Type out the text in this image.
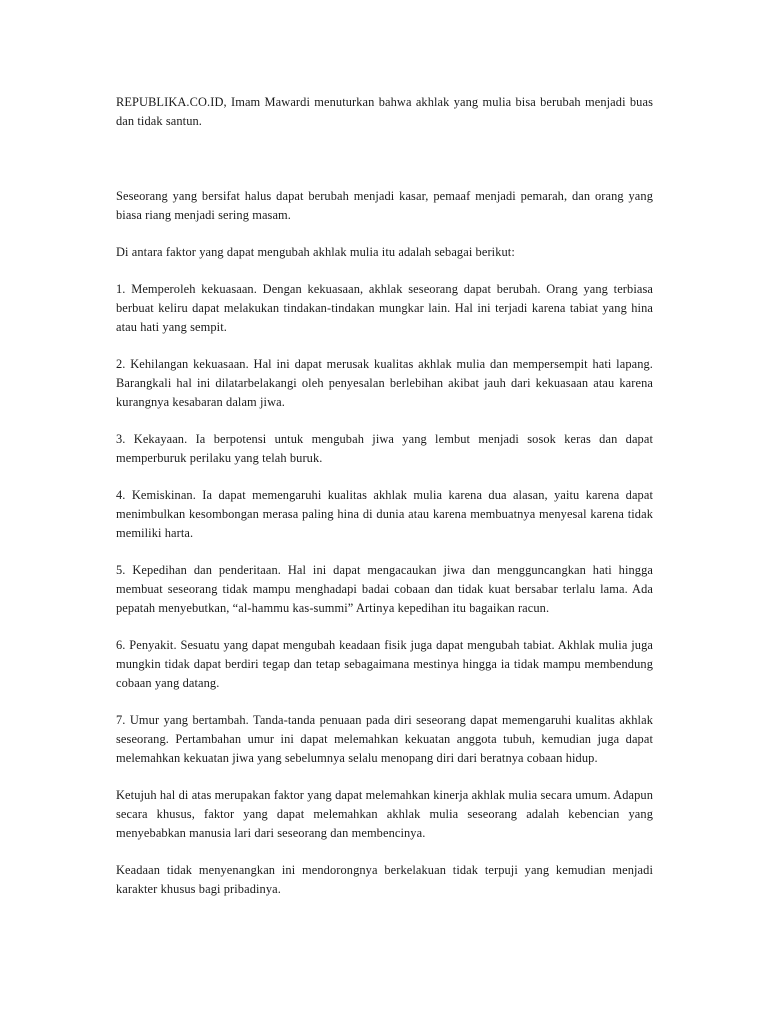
REPUBLIKA.CO.ID, Imam Mawardi menuturkan bahwa akhlak yang mulia bisa berubah menjadi buas dan tidak santun.

Seseorang yang bersifat halus dapat berubah menjadi kasar, pemaaf menjadi pemarah, dan orang yang biasa riang menjadi sering masam.

Di antara faktor yang dapat mengubah akhlak mulia itu adalah sebagai berikut:

1. Memperoleh kekuasaan. Dengan kekuasaan, akhlak seseorang dapat berubah. Orang yang terbiasa berbuat keliru dapat melakukan tindakan-tindakan mungkar lain. Hal ini terjadi karena tabiat yang hina atau hati yang sempit.

2. Kehilangan kekuasaan. Hal ini dapat merusak kualitas akhlak mulia dan mempersempit hati lapang. Barangkali hal ini dilatarbelakangi oleh penyesalan berlebihan akibat jauh dari kekuasaan atau karena kurangnya kesabaran dalam jiwa.

3. Kekayaan. Ia berpotensi untuk mengubah jiwa yang lembut menjadi sosok keras dan dapat memperburuk perilaku yang telah buruk.

4. Kemiskinan. Ia dapat memengaruhi kualitas akhlak mulia karena dua alasan, yaitu karena dapat menimbulkan kesombongan merasa paling hina di dunia atau karena membuatnya menyesal karena tidak memiliki harta.

5. Kepedihan dan penderitaan. Hal ini dapat mengacaukan jiwa dan mengguncangkan hati hingga membuat seseorang tidak mampu menghadapi badai cobaan dan tidak kuat bersabar terlalu lama. Ada pepatah menyebutkan, “al-hammu kas-summi” Artinya kepedihan itu bagaikan racun.

6. Penyakit. Sesuatu yang dapat mengubah keadaan fisik juga dapat mengubah tabiat. Akhlak mulia juga mungkin tidak dapat berdiri tegap dan tetap sebagaimana mestinya hingga ia tidak mampu membendung cobaan yang datang.

7. Umur yang bertambah. Tanda-tanda penuaan pada diri seseorang dapat memengaruhi kualitas akhlak seseorang. Pertambahan umur ini dapat melemahkan kekuatan anggota tubuh, kemudian juga dapat melemahkan kekuatan jiwa yang sebelumnya selalu menopang diri dari beratnya cobaan hidup.

Ketujuh hal di atas merupakan faktor yang dapat melemahkan kinerja akhlak mulia secara umum. Adapun secara khusus, faktor yang dapat melemahkan akhlak mulia seseorang adalah kebencian yang menyebabkan manusia lari dari seseorang dan membencinya.

Keadaan tidak menyenangkan ini mendorongnya berkelakuan tidak terpuji yang kemudian menjadi karakter khusus bagi pribadinya.
